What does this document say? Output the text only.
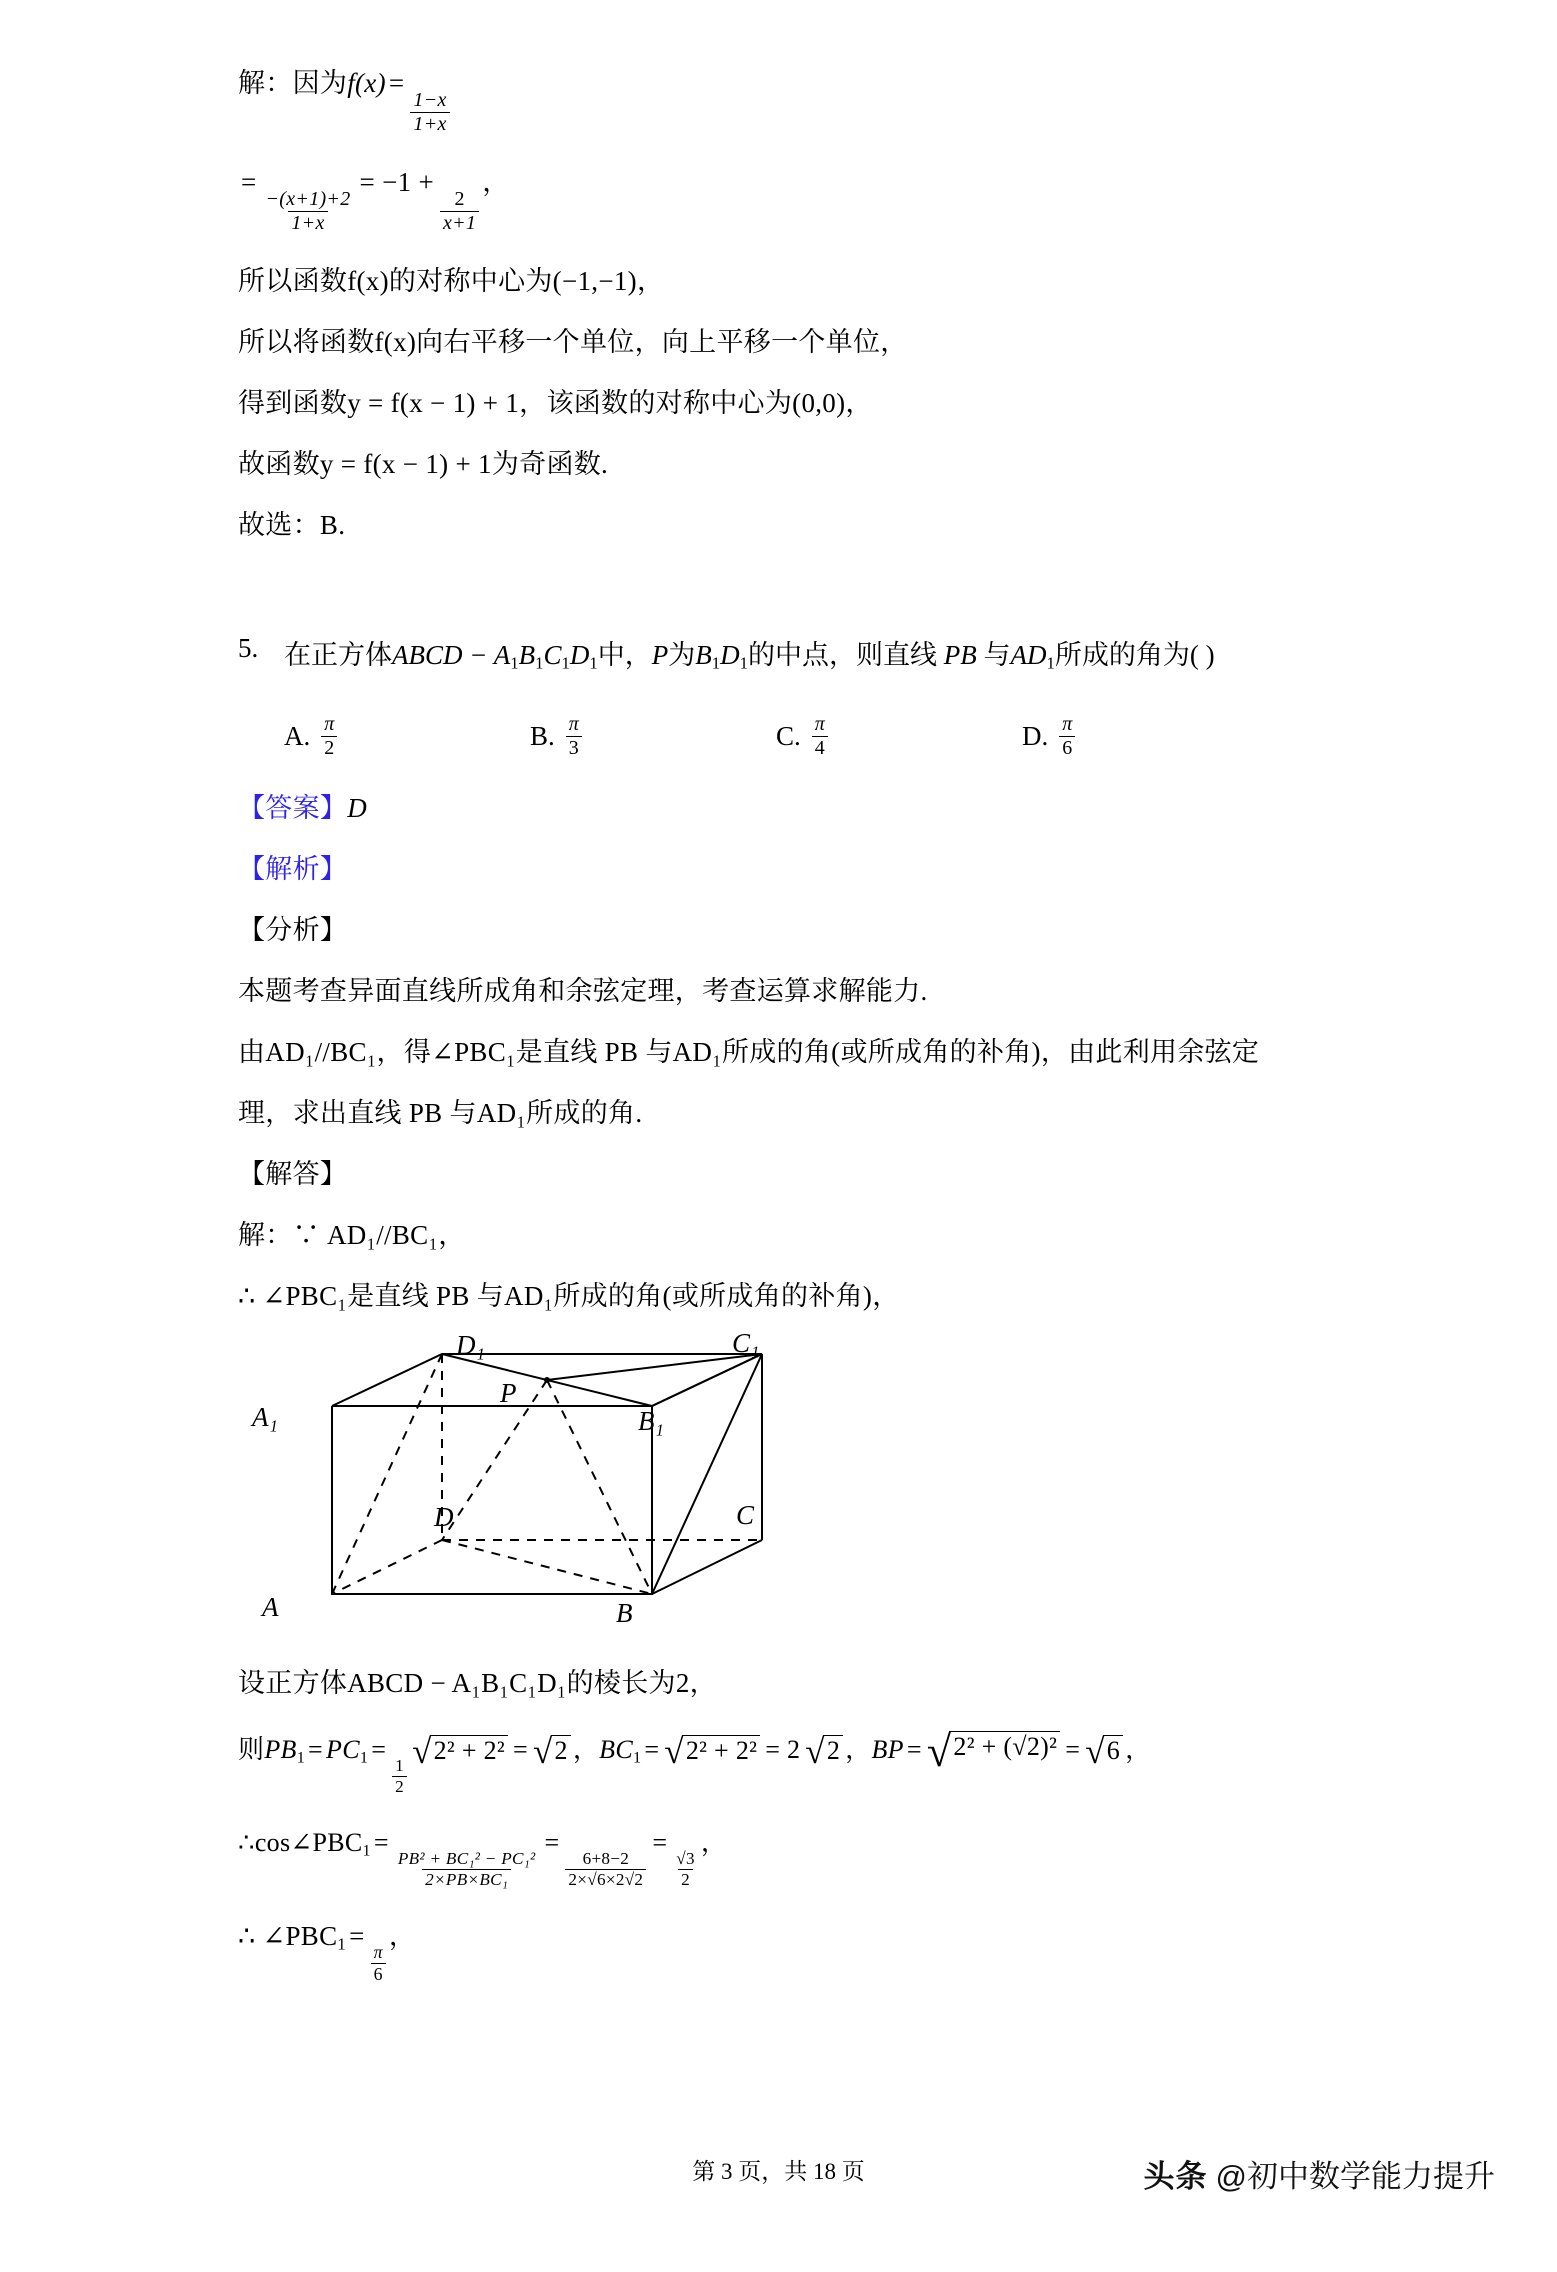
解：因为f(x) =
$\frac{1-x}{1+x}$
=
$\frac{-(x+1)+2}{1+x}$
= −1 +
$\frac{2}{x+1}$
，
所以函数f(x)的对称中心为(−1,−1)，
所以将函数f(x)向右平移一个单位，向上平移一个单位，
得到函数y = f(x − 1) + 1，该函数的对称中心为(0,0)，
故函数y = f(x − 1) + 1为奇函数.
故选：B.
5. 在正方体ABCD − $A_1B_1C_1D_1$中，P为$B_1D_1$的中点，则直线 PB 与$AD_1$所成的角为( )
A. $\frac{\pi}{2}$	B. $\frac{\pi}{3}$	C. $\frac{\pi}{4}$	D. $\frac{\pi}{6}$
【答案】D
【解析】
【分析】
本题考查异面直线所成角和余弦定理，考查运算求解能力.
由AD₁//BC₁，得∠PBC₁是直线 PB 与AD₁所成的角(或所成角的补角)，由此利用余弦定
理，求出直线 PB 与AD₁所成的角.
【解答】
解：∵ AD₁//BC₁，
∴ ∠PBC₁是直线 PB 与AD₁所成的角(或所成角的补角)，
D₁	C₁
P
A₁	B₁
D	C
A	B
设正方体ABCD − A₁B₁C₁D₁的棱长为2，
则$PB_1 = PC_1$ =
$\frac{1}{2}$
√ 2² + 2² = √ 2 ，$BC_1$ = √ 2² + 2² = 2 √ 2 ，BP = √ 2² + (√2)² = √ 6 ，
$\therefore\cos\angle PBC_1$ =
$\frac{\text{PB² + BC₁² − PC₁²}}{\text{2×PB×BC₁}}$
=
$\frac{6+8-2}{2\times√6\times 2√2}$
=
$\frac{√3}{2}$
，
∴ $\angle PBC_1$ =
$\frac{\pi}{6}$
，
第 3 页，共 18 页	头条 @初中数学能力提升
